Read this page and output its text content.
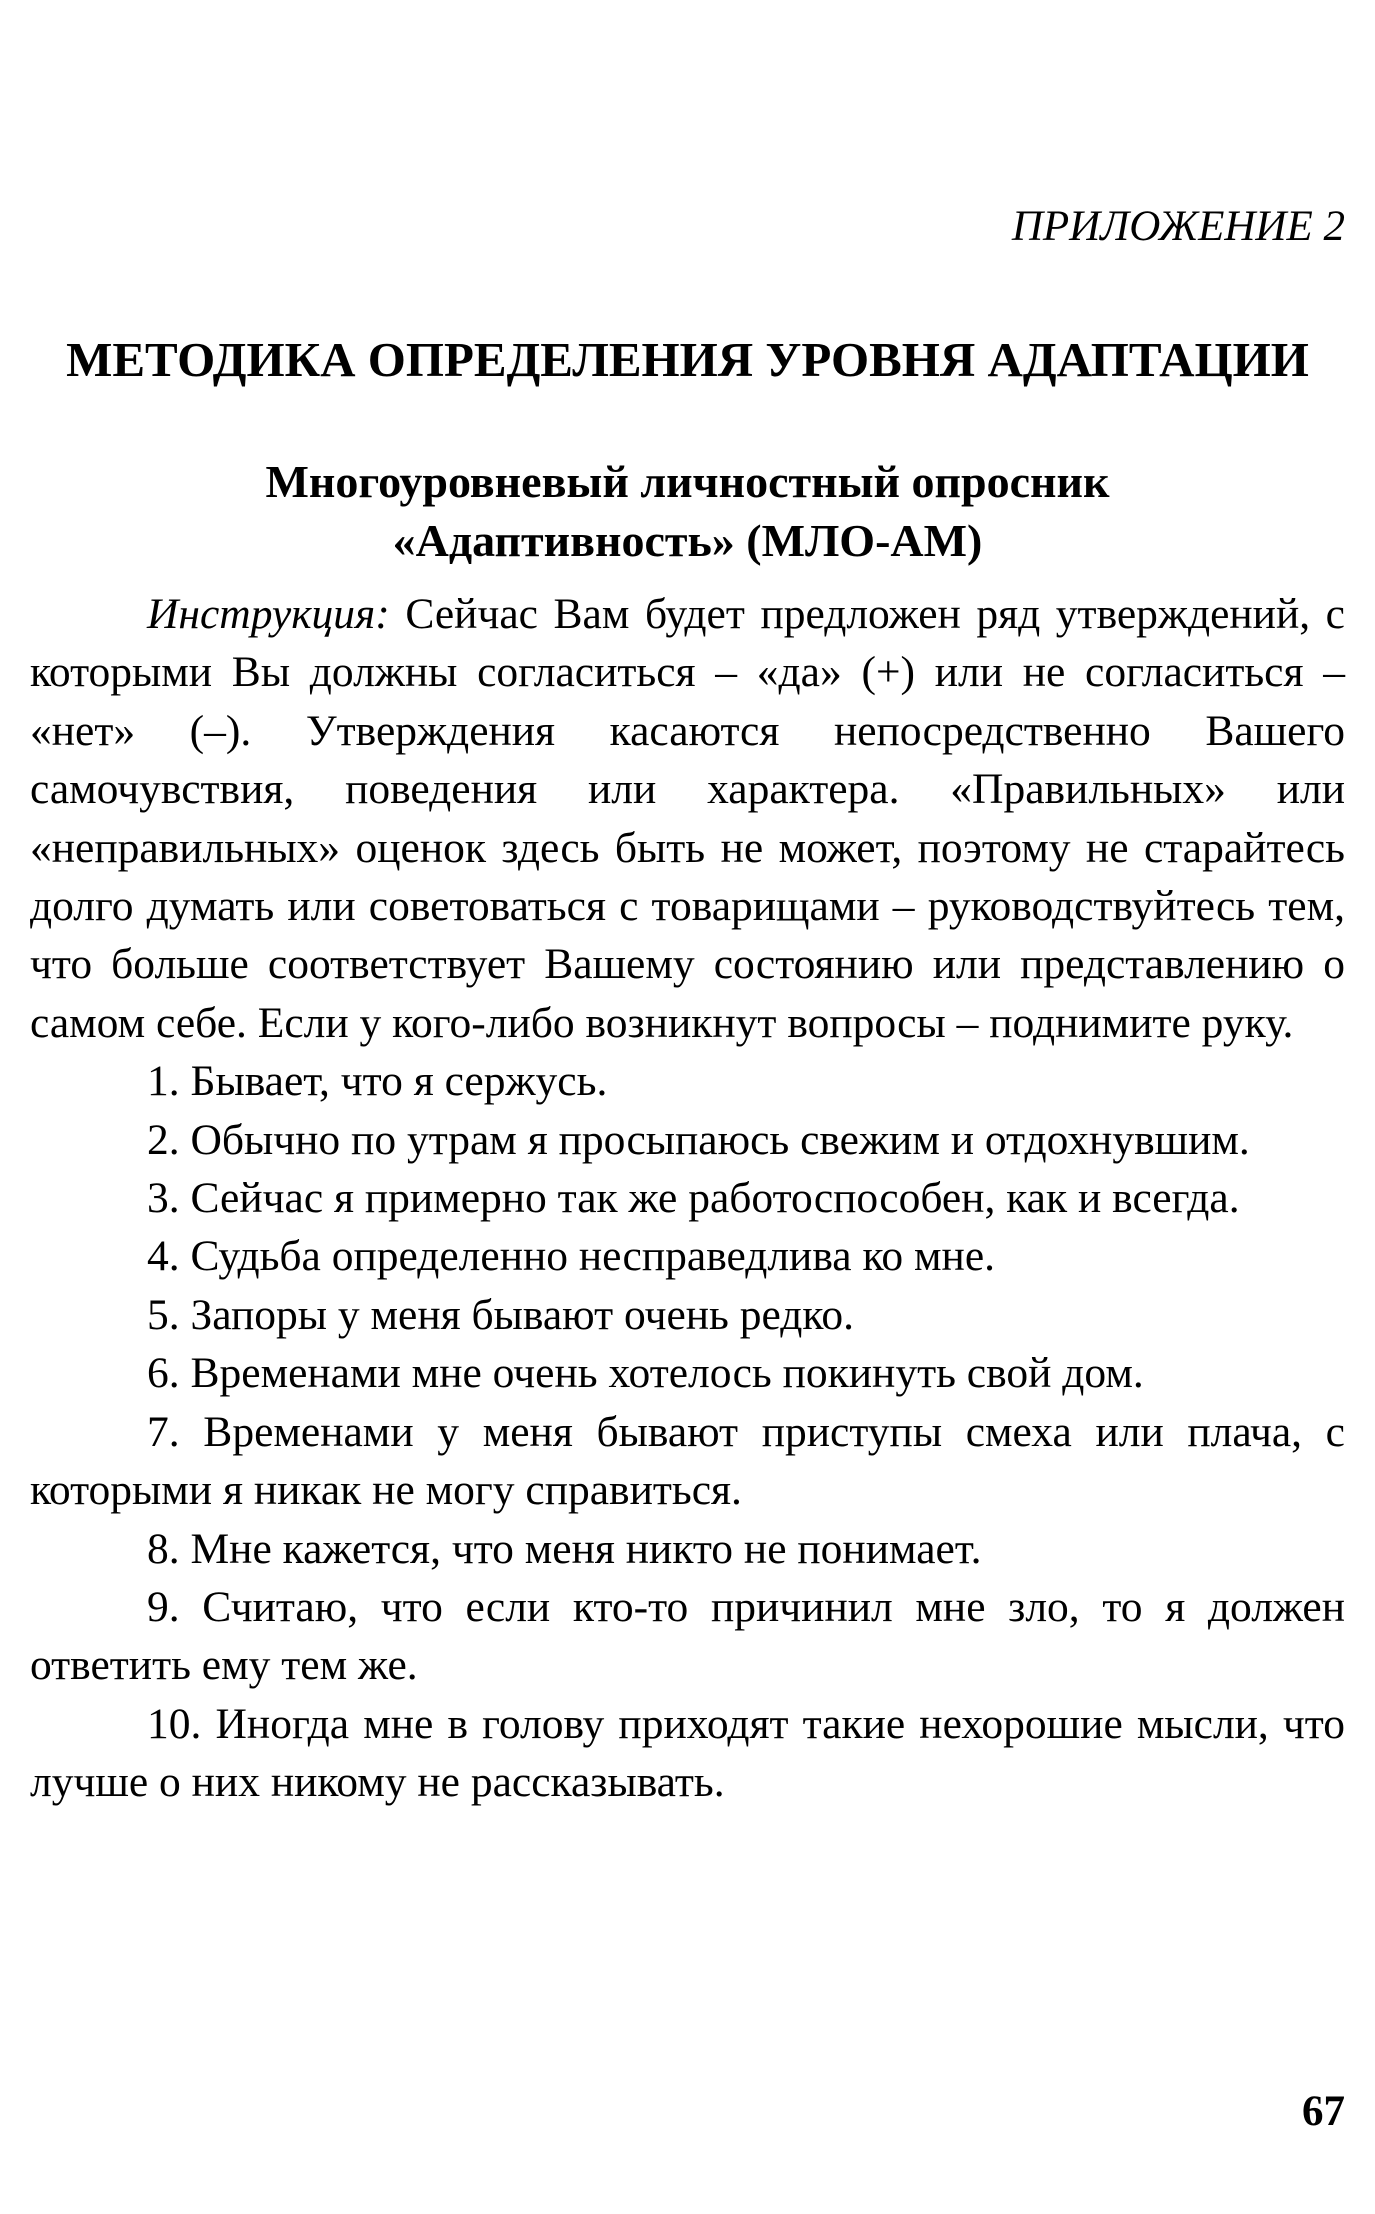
ПРИЛОЖЕНИЕ 2
МЕТОДИКА ОПРЕДЕЛЕНИЯ УРОВНЯ АДАПТАЦИИ
Многоуровневый личностный опросник
«Адаптивность» (МЛО-АМ)

Инструкция: Сейчас Вам будет предложен ряд утверждений, с которыми Вы должны согласиться – «да» (+) или не согласиться – «нет» (–). Утверждения касаются непосредственно Вашего самочувствия, поведения или характера. «Правильных» или «неправильных» оценок здесь быть не может, поэтому не старайтесь долго думать или советоваться с товарищами – руководствуйтесь тем, что больше соответствует Вашему состоянию или представлению о самом себе. Если у кого-либо возникнут вопросы – поднимите руку.

1. Бывает, что я сержусь.

2. Обычно по утрам я просыпаюсь свежим и отдохнувшим.

3. Сейчас я примерно так же работоспособен, как и всегда.

4. Судьба определенно несправедлива ко мне.

5. Запоры у меня бывают очень редко.

6. Временами мне очень хотелось покинуть свой дом.

7. Временами у меня бывают приступы смеха или плача, с которыми я никак не могу справиться.

8. Мне кажется, что меня никто не понимает.

9. Считаю, что если кто-то причинил мне зло, то я должен ответить ему тем же.

10. Иногда мне в голову приходят такие нехорошие мысли, что лучше о них никому не рассказывать.

67
